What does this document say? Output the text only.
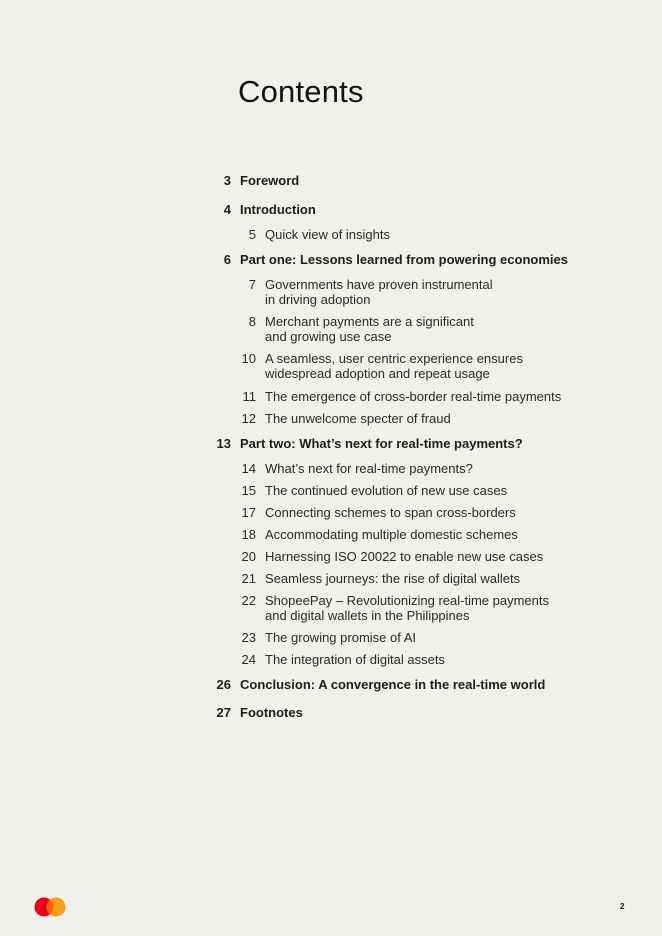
Contents
3 Foreword
4 Introduction
5 Quick view of insights
6 Part one: Lessons learned from powering economies
7 Governments have proven instrumental
in driving adoption
8 Merchant payments are a significant
and growing use case
10 A seamless, user centric experience ensures
widespread adoption and repeat usage
11 The emergence of cross-border real-time payments
12 The unwelcome specter of fraud
13 Part two: What’s next for real-time payments?
14 What’s next for real-time payments?
15 The continued evolution of new use cases
17 Connecting schemes to span cross-borders
18 Accommodating multiple domestic schemes
20 Harnessing ISO 20022 to enable new use cases
21 Seamless journeys: the rise of digital wallets
22 ShopeePay – Revolutionizing real-time payments
and digital wallets in the Philippines
23 The growing promise of AI
24 The integration of digital assets
26 Conclusion: A convergence in the real-time world
27 Footnotes
2
